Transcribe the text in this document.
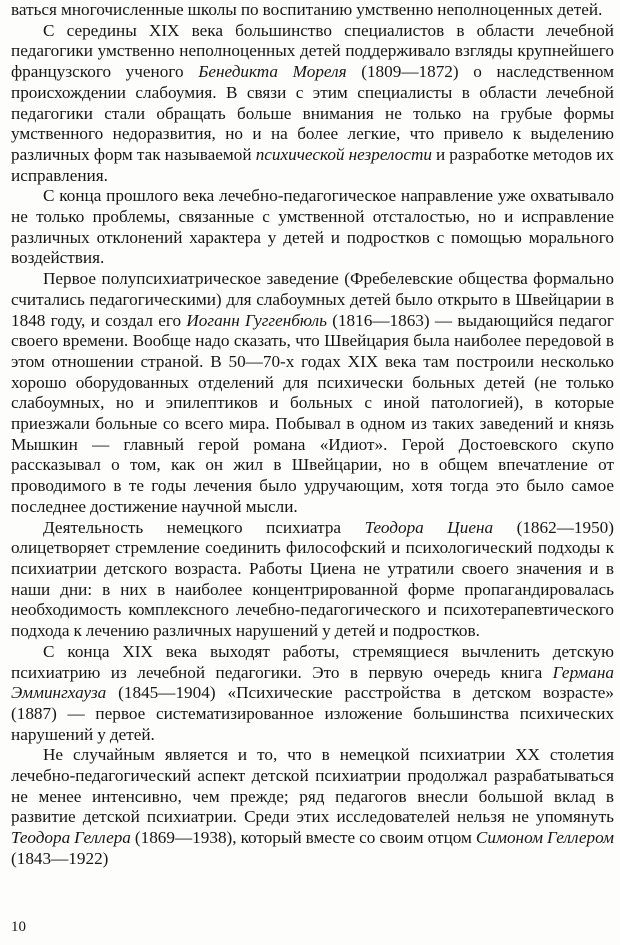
ваться многочисленные школы по воспитанию умственно неполноценных детей.

С середины XIX века большинство специалистов в области лечебной педагогики умственно неполноценных детей поддерживало взгляды крупнейшего французского ученого Бенедикта Мореля (1809—1872) о наследственном происхождении слабоумия. В связи с этим специалисты в области лечебной педагогики стали обращать больше внимания не только на грубые формы умственного недоразвития, но и на более легкие, что привело к выделению различных форм так называемой психической незрелости и разработке методов их исправления.

С конца прошлого века лечебно-педагогическое направление уже охватывало не только проблемы, связанные с умственной отсталостью, но и исправление различных отклонений характера у детей и подростков с помощью морального воздействия.

Первое полупсихиатрическое заведение (Фребелевские общества формально считались педагогическими) для слабоумных детей было открыто в Швейцарии в 1848 году, и создал его Иоганн Гуггенбюль (1816—1863) — выдающийся педагог своего времени. Вообще надо сказать, что Швейцария была наиболее передовой в этом отношении страной. В 50—70-х годах XIX века там построили несколько хорошо оборудованных отделений для психически больных детей (не только слабоумных, но и эпилептиков и больных с иной патологией), в которые приезжали больные со всего мира. Побывал в одном из таких заведений и князь Мышкин — главный герой романа «Идиот». Герой Достоевского скупо рассказывал о том, как он жил в Швейцарии, но в общем впечатление от проводимого в те годы лечения было удручающим, хотя тогда это было самое последнее достижение научной мысли.

Деятельность немецкого психиатра Теодора Циена (1862—1950) олицетворяет стремление соединить философский и психологический подходы к психиатрии детского возраста. Работы Циена не утратили своего значения и в наши дни: в них в наиболее концентрированной форме пропагандировалась необходимость комплексного лечебно-педагогического и психотерапевтического подхода к лечению различных нарушений у детей и подростков.

С конца XIX века выходят работы, стремящиеся вычленить детскую психиатрию из лечебной педагогики. Это в первую очередь книга Германа Эммингхауза (1845—1904) «Психические расстройства в детском возрасте» (1887) — первое систематизированное изложение большинства психических нарушений у детей.

Не случайным является и то, что в немецкой психиатрии XX столетия лечебно-педагогический аспект детской психиатрии продолжал разрабатываться не менее интенсивно, чем прежде; ряд педагогов внесли большой вклад в развитие детской психиатрии. Среди этих исследователей нельзя не упомянуть Теодора Геллера (1869—1938), который вместе со своим отцом Симоном Геллером (1843—1922)

10
